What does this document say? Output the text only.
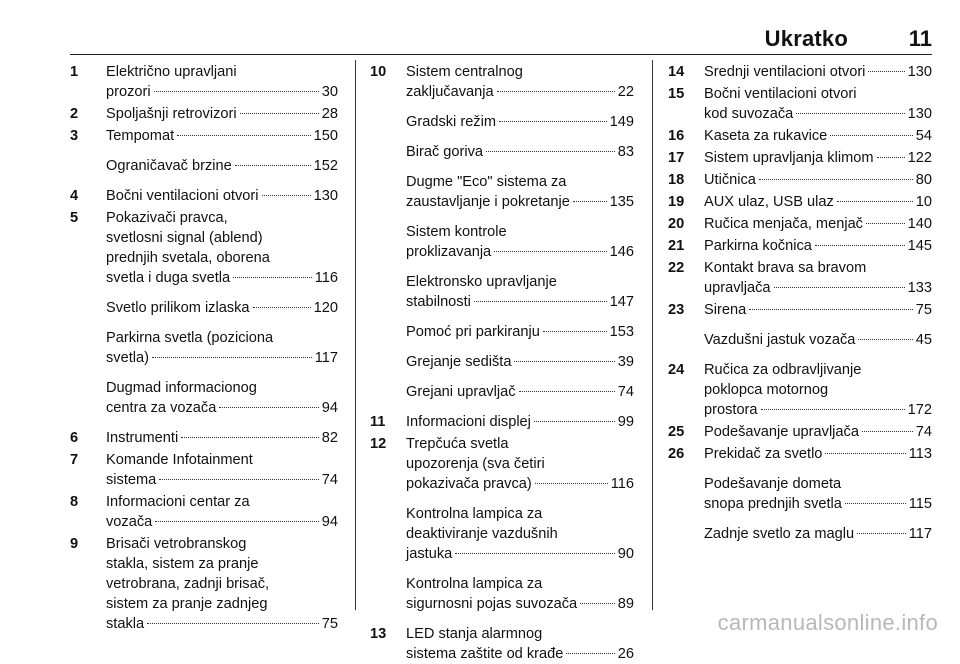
Ukratko	11
1 Električno upravljani
prozori	30
2 Spoljašnji retrovizori	28
3 Tempomat	150
Ograničavač brzine	152
4 Bočni ventilacioni otvori	130
5 Pokazivači pravca,
svetlosni signal (ablend)
prednjih svetala, oborena
svetla i duga svetla	116
Svetlo prilikom izlaska	120
Parkirna svetla (poziciona
svetla)	117
Dugmad informacionog
centra za vozača	94
6 Instrumenti	82
7 Komande Infotainment
sistema	74
8 Informacioni centar za
vozača	94
9 Brisači vetrobranskog
stakla, sistem za pranje
vetrobrana, zadnji brisač,
sistem za pranje zadnjeg
stakla	75
10 Sistem centralnog
zaključavanja	22
Gradski režim	149
Birač goriva	83
Dugme "Eco" sistema za
zaustavljanje i pokretanje	135
Sistem kontrole
proklizavanja	146
Elektronsko upravljanje
stabilnosti	147
Pomoć pri parkiranju	153
Grejanje sedišta	39
Grejani upravljač	74
11 Informacioni displej	99
12 Trepčuća svetla
upozorenja (sva četiri
pokazivača pravca)	116
Kontrolna lampica za
deaktiviranje vazdušnih
jastuka	90
Kontrolna lampica za
sigurnosni pojas suvozača	89
13 LED stanja alarmnog
sistema zaštite od krađe	26
14 Srednji ventilacioni otvori	130
15 Bočni ventilacioni otvori
kod suvozača	130
16 Kaseta za rukavice	54
17 Sistem upravljanja klimom 122
18 Utičnica	80
19 AUX ulaz, USB ulaz	10
20 Ručica menjača, menjač	140
21 Parkirna kočnica	145
22 Kontakt brava sa bravom
upravljača	133
23 Sirena	75
Vazdušni jastuk vozača	45
24 Ručica za odbravljivanje
poklopca motornog
prostora	172
25 Podešavanje upravljača	74
26 Prekidač za svetlo	113
Podešavanje dometa
snopa prednjih svetla	115
Zadnje svetlo za maglu	117
carmanualsonline.info
